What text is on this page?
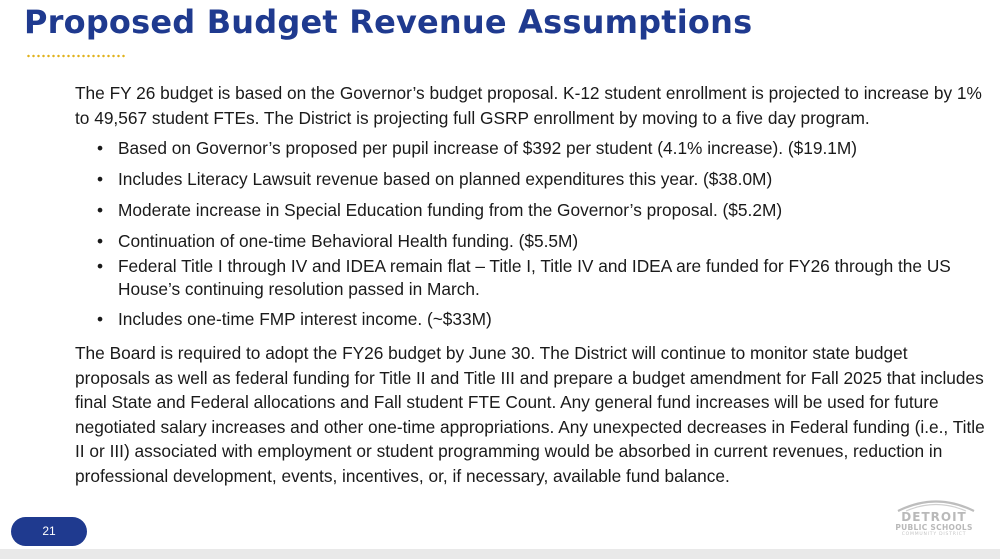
Proposed Budget Revenue Assumptions

The FY 26 budget is based on the Governor’s budget proposal. K-12 student enrollment is projected to increase by 1% to 49,567 student FTEs. The District is projecting full GSRP enrollment by moving to a five day program.

• Based on Governor’s proposed per pupil increase of $392 per student (4.1% increase). ($19.1M)
• Includes Literacy Lawsuit revenue based on planned expenditures this year. ($38.0M)
• Moderate increase in Special Education funding from the Governor’s proposal. ($5.2M)
• Continuation of one-time Behavioral Health funding. ($5.5M)
• Federal Title I through IV and IDEA remain flat – Title I, Title IV and IDEA are funded for FY26 through the US House’s continuing resolution passed in March.
• Includes one-time FMP interest income. (~$33M)

The Board is required to adopt the FY26 budget by June 30. The District will continue to monitor state budget proposals as well as federal funding for Title II and Title III and prepare a budget amendment for Fall 2025 that includes final State and Federal allocations and Fall student FTE Count. Any general fund increases will be used for future negotiated salary increases and other one-time appropriations. Any unexpected decreases in Federal funding (i.e., Title II or III) associated with employment or student programming would be absorbed in current revenues, reduction in professional development, events, incentives, or, if necessary, available fund balance.

21
DETROIT
PUBLIC SCHOOLS
COMMUNITY DISTRICT
